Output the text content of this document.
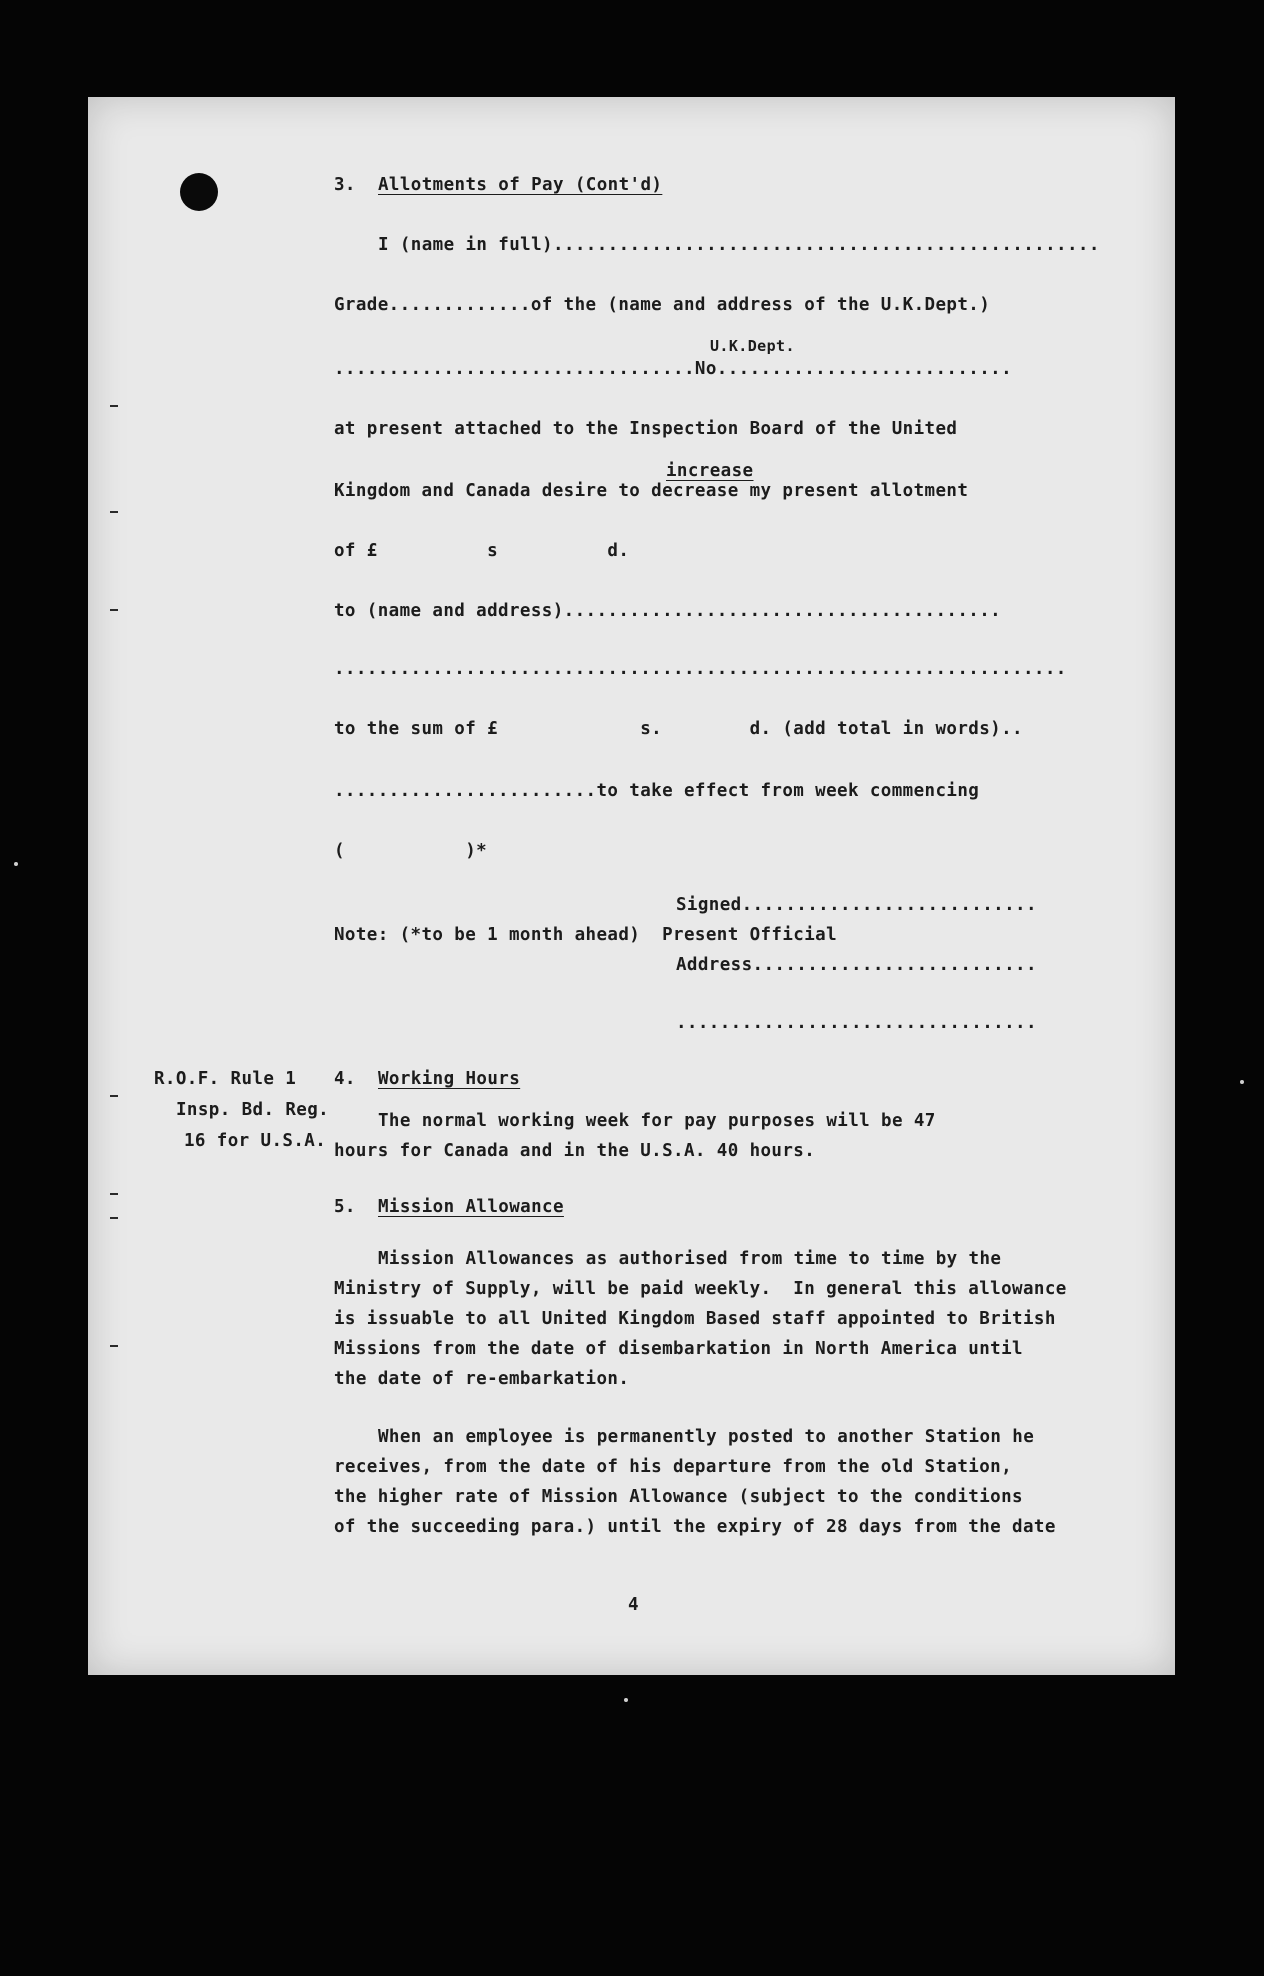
3. Allotments of Pay (Cont'd)
I (name in full)..................................................
Grade.............of the (name and address of the U.K.Dept.)
U.K.Dept.
.................................No...........................
at present attached to the Inspection Board of the United
increase
Kingdom and Canada desire to decrease my present allotment
of £          s          d.
to (name and address)........................................
...................................................................
to the sum of £             s.        d. (add total in words)..
........................to take effect from week commencing
(           )*
Signed...........................
Note: (*to be 1 month ahead)  Present Official
Address..........................
.................................
R.O.F. Rule 1
Insp. Bd. Reg.
16 for U.S.A.
4. Working Hours
The normal working week for pay purposes will be 47
hours for Canada and in the U.S.A. 40 hours.
5. Mission Allowance
Mission Allowances as authorised from time to time by the
Ministry of Supply, will be paid weekly.  In general this allowance
is issuable to all United Kingdom Based staff appointed to British
Missions from the date of disembarkation in North America until
the date of re-embarkation.
When an employee is permanently posted to another Station he
receives, from the date of his departure from the old Station,
the higher rate of Mission Allowance (subject to the conditions
of the succeeding para.) until the expiry of 28 days from the date
4
